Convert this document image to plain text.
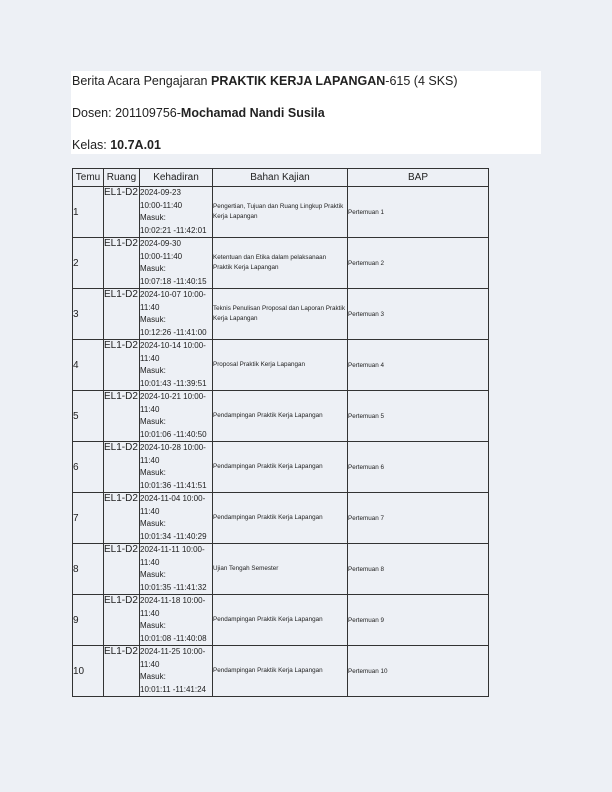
Berita Acara Pengajaran PRAKTIK KERJA LAPANGAN-615 (4 SKS)
Dosen: 201109756-Mochamad Nandi Susila
Kelas: 10.7A.01
Temu	Ruang	Kehadiran	Bahan Kajian	BAP
1	EL1-D2	2024-09-23
10:00-11:40
Masuk:
10:02:21 -11:42:01	Pengertian, Tujuan dan Ruang Lingkup Praktik Kerja Lapangan	Pertemuan 1
2	EL1-D2	2024-09-30
10:00-11:40
Masuk:
10:07:18 -11:40:15	Ketentuan dan Etika dalam pelaksanaan Praktik Kerja Lapangan	Pertemuan 2
3	EL1-D2	2024-10-07 10:00-
11:40
Masuk:
10:12:26 -11:41:00	Teknis Penulisan Proposal dan Laporan Praktik Kerja Lapangan	Pertemuan 3
4	EL1-D2	2024-10-14 10:00-
11:40
Masuk:
10:01:43 -11:39:51	Proposal Praktik Kerja Lapangan	Pertemuan 4
5	EL1-D2	2024-10-21 10:00-
11:40
Masuk:
10:01:06 -11:40:50	Pendampingan Praktik Kerja Lapangan	Pertemuan 5
6	EL1-D2	2024-10-28 10:00-
11:40
Masuk:
10:01:36 -11:41:51	Pendampingan Praktik Kerja Lapangan	Pertemuan 6
7	EL1-D2	2024-11-04 10:00-
11:40
Masuk:
10:01:34 -11:40:29	Pendampingan Praktik Kerja Lapangan	Pertemuan 7
8	EL1-D2	2024-11-11 10:00-
11:40
Masuk:
10:01:35 -11:41:32	Ujian Tengah Semester	Pertemuan 8
9	EL1-D2	2024-11-18 10:00-
11:40
Masuk:
10:01:08 -11:40:08	Pendampingan Praktik Kerja Lapangan	Pertemuan 9
10	EL1-D2	2024-11-25 10:00-
11:40
Masuk:
10:01:11 -11:41:24	Pendampingan Praktik Kerja Lapangan	Pertemuan 10
